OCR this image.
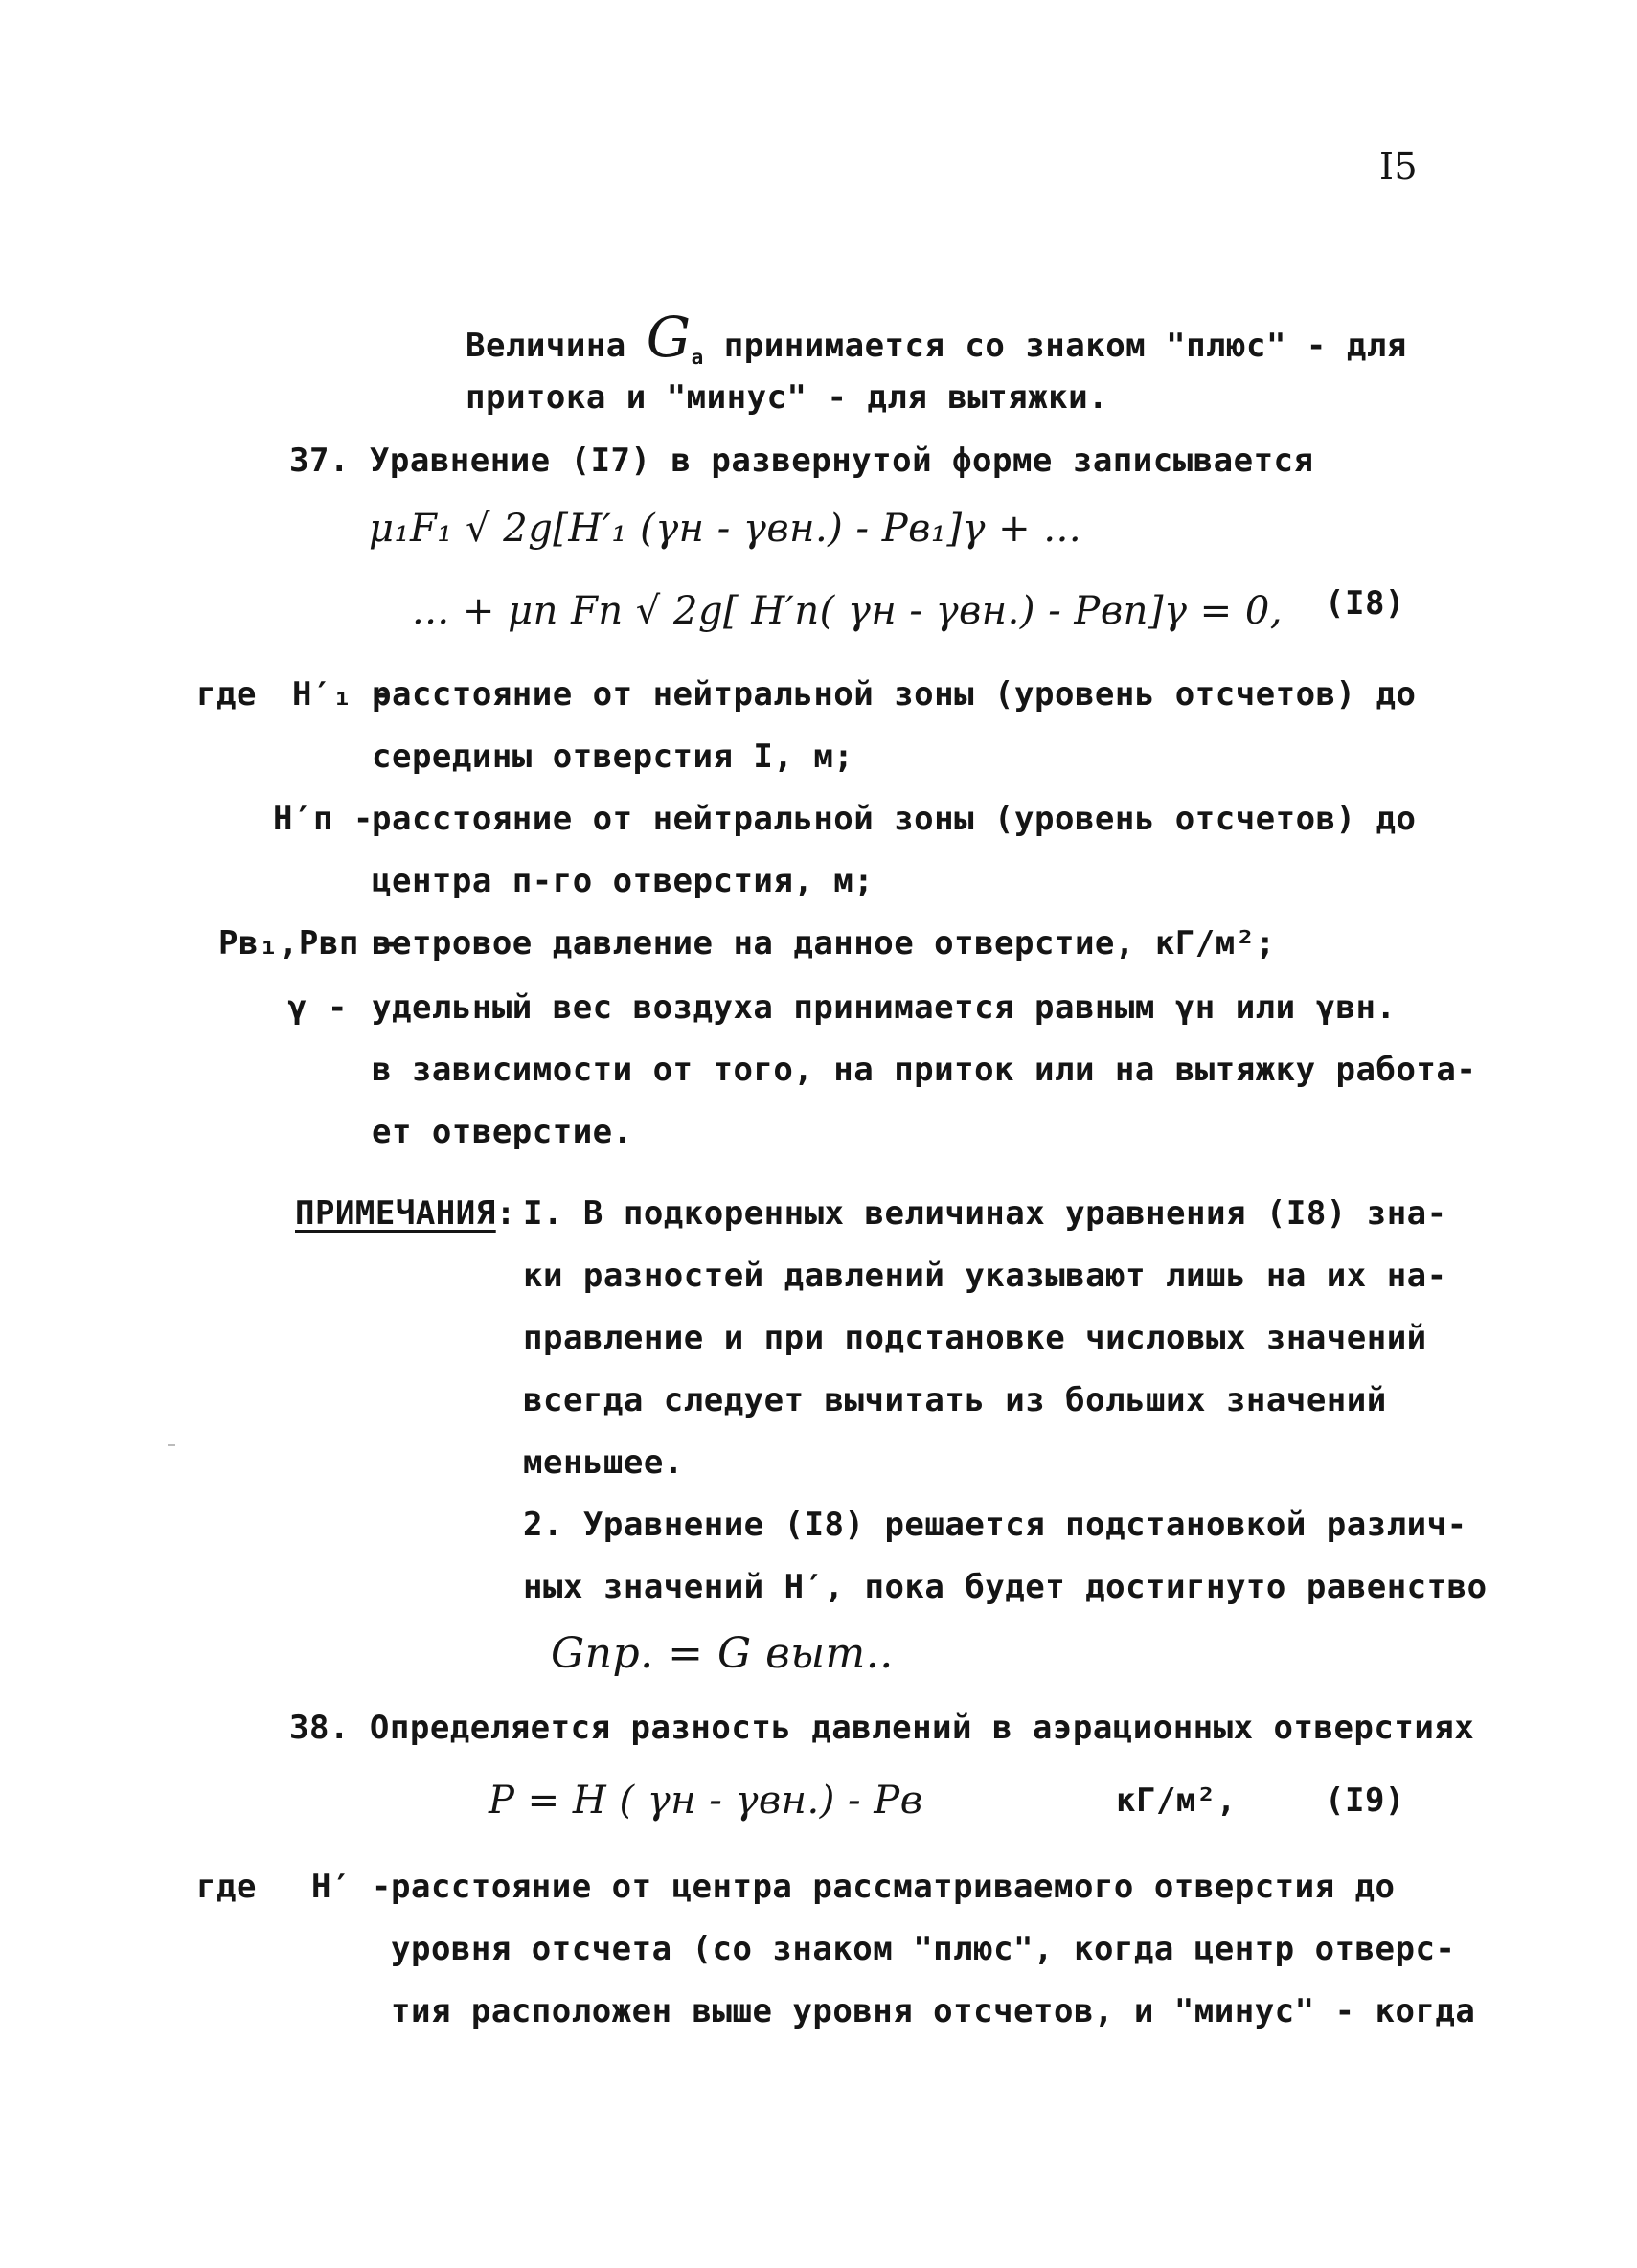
I5
Величина $G_a$ принимается со знаком "плюс" - для
притока и "минус" - для вытяжки.
37. Уравнение (I7) в развернутой форме записывается
μ₁F₁ √ 2g[H′₁ (γн - γвн.) - Pв₁]γ + ...
... + μп Fп √ 2g[ H′п( γн - γвн.) - Pвп]γ = 0, (I8)
где H′₁ -
расстояние от нейтральной зоны (уровень отсчетов) до
середины отверстия I, м;
H′п -
расстояние от нейтральной зоны (уровень отсчетов) до
центра п-го отверстия, м;
Pв₁,Pвп -
ветровое давление на данное отверстие, кГ/м²;
γ - удельный вес воздуха принимается равным γн или γвн.
в зависимости от того, на приток или на вытяжку работа-
ет отверстие.
ПРИМЕЧАНИЯ: I. В подкоренных величинах уравнения (I8) зна-
ки разностей давлений указывают лишь на их на-
правление и при подстановке числовых значений
всегда следует вычитать из больших значений
меньшее.
2. Уравнение (I8) решается подстановкой различ-
ных значений H′, пока будет достигнуто равенство
Gпр. = G выт..
38. Определяется разность давлений в аэрационных отверстиях
P = H ( γн - γвн.) - Pв	кГ/м²,	(I9)
где H′ - расстояние от центра рассматриваемого отверстия до
уровня отсчета (со знаком "плюс", когда центр отверс-
тия расположен выше уровня отсчетов, и "минус" - когда
